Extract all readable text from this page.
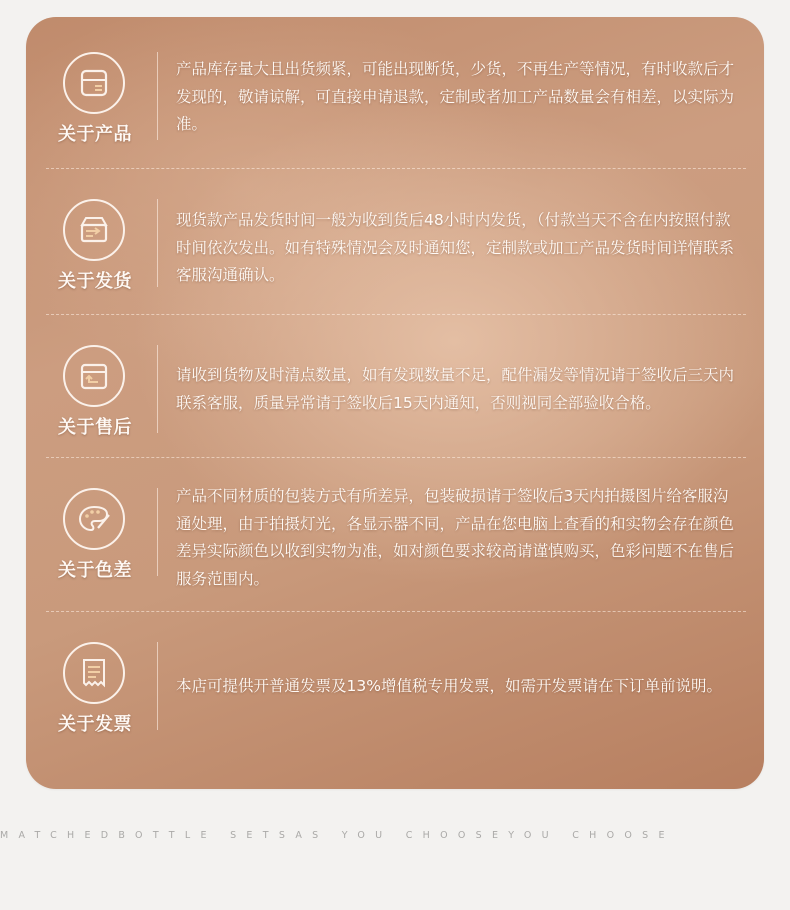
关于产品
产品库存量大且出货频紧，可能出现断货，少货，不再生产等情况，有时收款后才发现的，敬请谅解，可直接申请退款，定制或者加工产品数量会有相差，以实际为准。
关于发货
现货款产品发货时间一般为收到货后48小时内发货，（付款当天不含在内按照付款时间依次发出。如有特殊情况会及时通知您，定制款或加工产品发货时间详情联系客服沟通确认。
关于售后
请收到货物及时清点数量，如有发现数量不足，配件漏发等情况请于签收后三天内联系客服，质量异常请于签收后15天内通知，否则视同全部验收合格。
关于色差
产品不同材质的包装方式有所差异，包装破损请于签收后3天内拍摄图片给客服沟通处理，由于拍摄灯光，各显示器不同，产品在您电脑上查看的和实物会存在颜色差异实际颜色以收到实物为准，如对颜色要求较高请谨慎购买，色彩问题不在售后服务范围内。
关于发票
本店可提供开普通发票及13%增值税专用发票，如需开发票请在下订单前说明。
MATCHEDBOTTLE SETSAS YOU CHOOSEYOU CHOOSE
